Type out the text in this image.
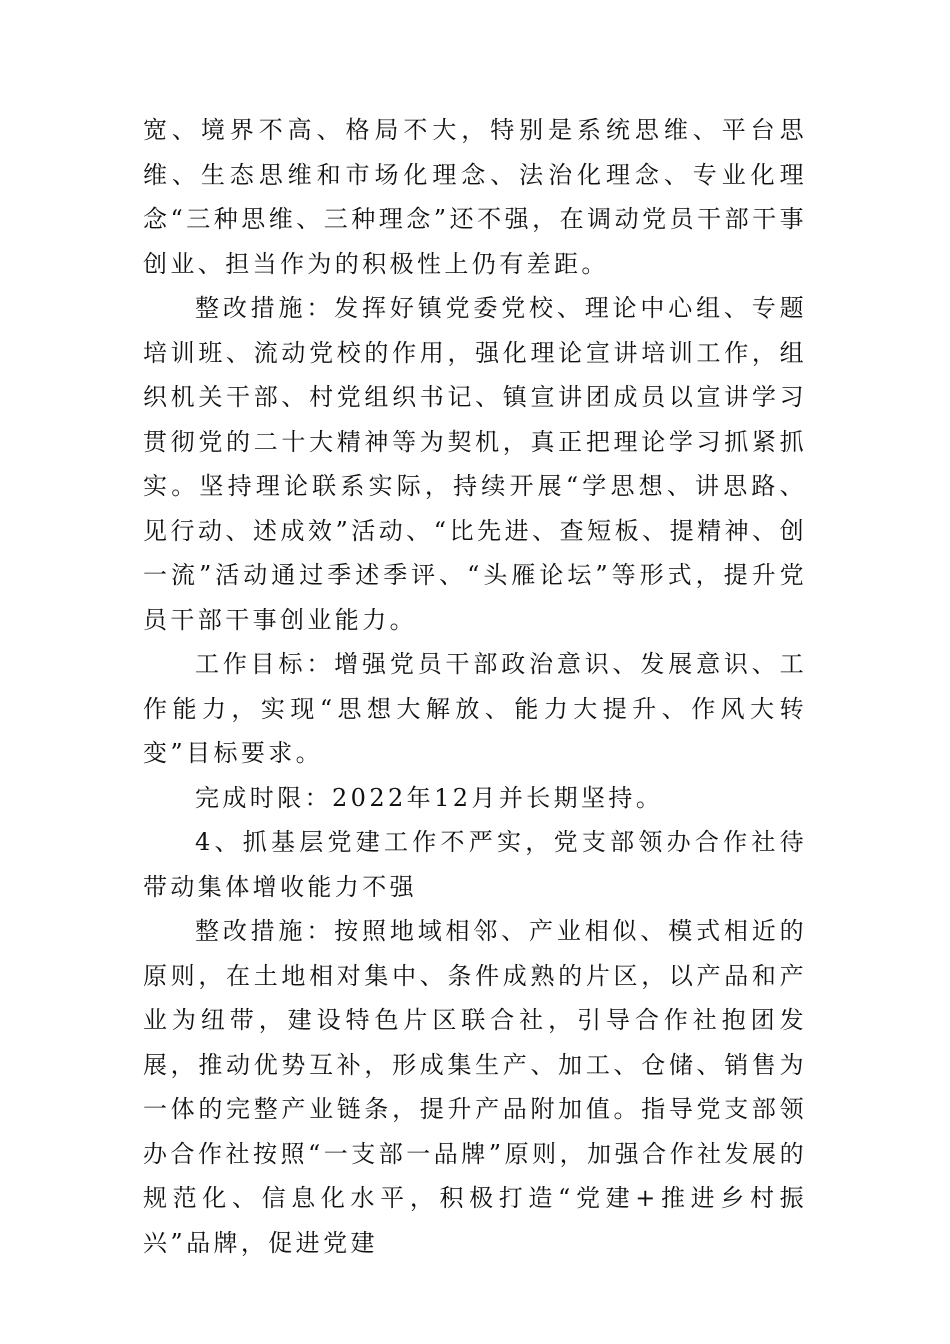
宽、境界不高、格局不大，特别是系统思维、平台思维、生态思维和市场化理念、法治化理念、专业化理念“三种思维、三种理念”还不强，在调动党员干部干事创业、担当作为的积极性上仍有差距。

整改措施：发挥好镇党委党校、理论中心组、专题培训班、流动党校的作用，强化理论宣讲培训工作，组织机关干部、村党组织书记、镇宣讲团成员以宣讲学习贯彻党的二十大精神等为契机，真正把理论学习抓紧抓实。坚持理论联系实际，持续开展“学思想、讲思路、见行动、述成效”活动、“比先进、查短板、提精神、创一流”活动通过季述季评、“头雁论坛”等形式，提升党员干部干事创业能力。

工作目标：增强党员干部政治意识、发展意识、工作能力，实现“思想大解放、能力大提升、作风大转变”目标要求。

完成时限：2022年12月并长期坚持。

4、抓基层党建工作不严实，党支部领办合作社待带动集体增收能力不强

整改措施：按照地域相邻、产业相似、模式相近的原则，在土地相对集中、条件成熟的片区，以产品和产业为纽带，建设特色片区联合社，引导合作社抱团发展，推动优势互补，形成集生产、加工、仓储、销售为一体的完整产业链条，提升产品附加值。指导党支部领办合作社按照“一支部一品牌”原则，加强合作社发展的规范化、信息化水平，积极打造“党建+推进乡村振兴”品牌，促进党建
